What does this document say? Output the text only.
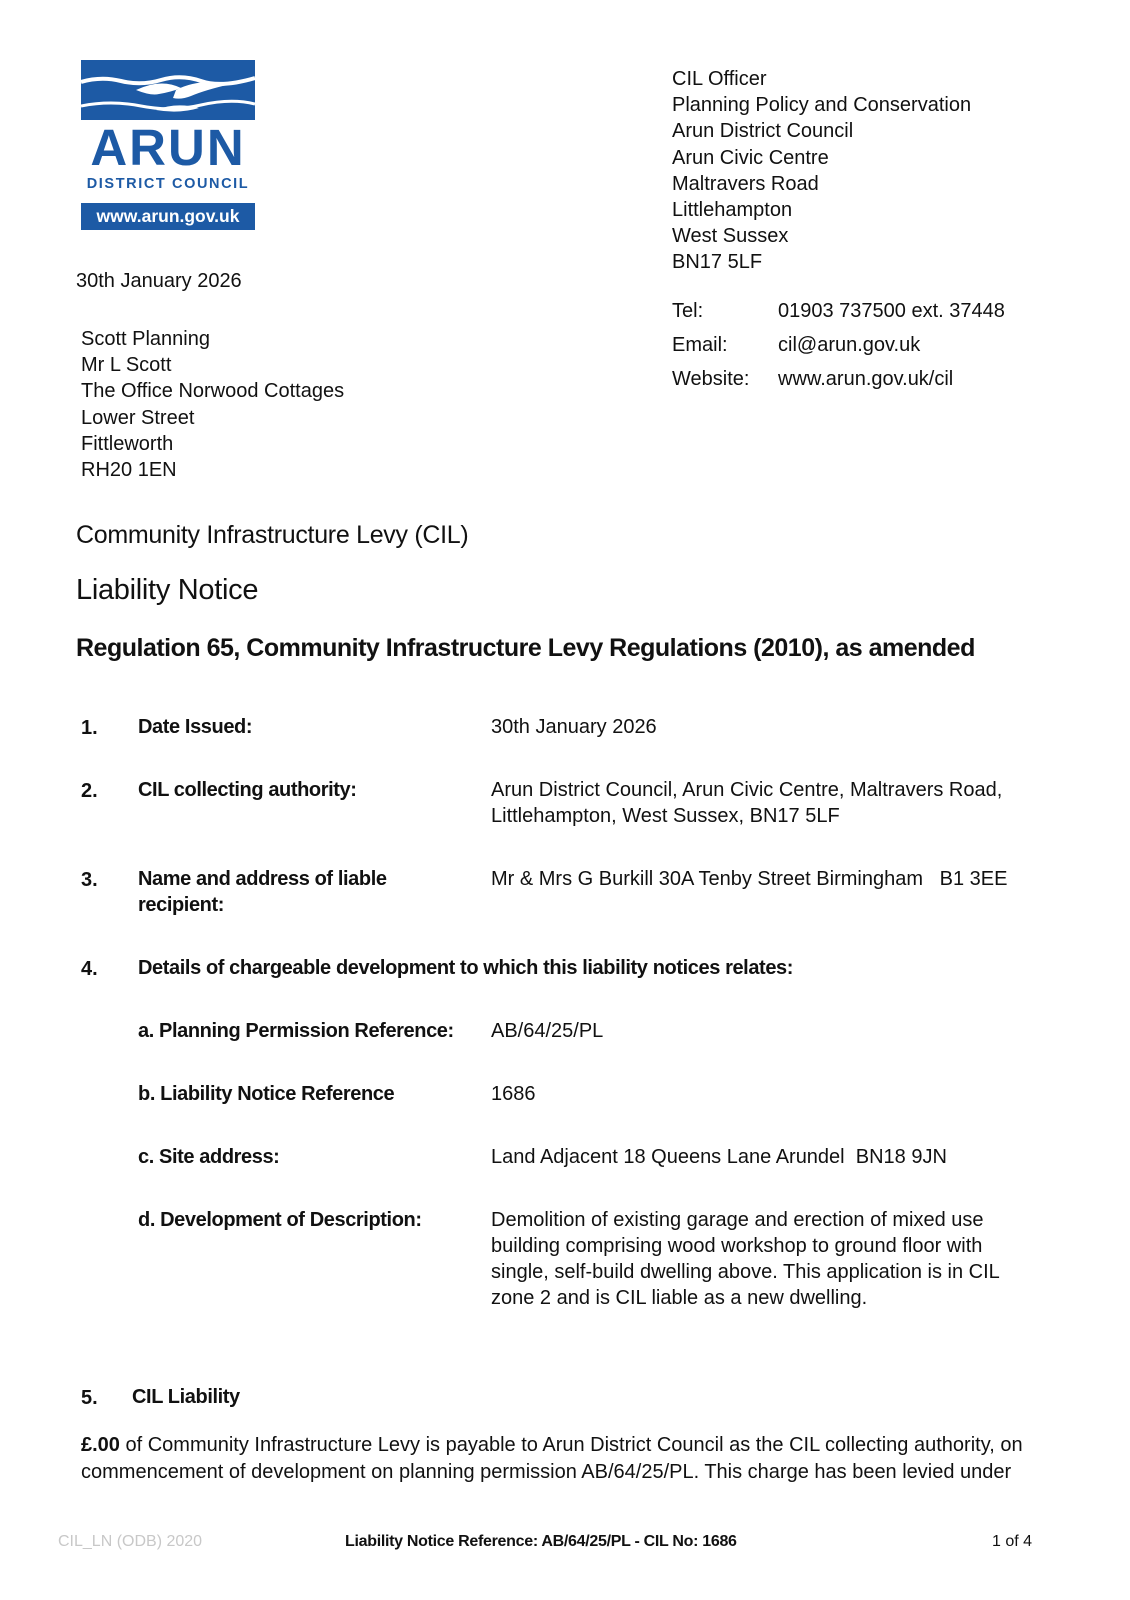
ARUN
DISTRICT COUNCIL
www.arun.gov.uk
CIL Officer
Planning Policy and Conservation
Arun District Council
Arun Civic Centre
Maltravers Road
Littlehampton
West Sussex
BN17 5LF
Tel:	01903 737500 ext. 37448
Email:	cil@arun.gov.uk
Website: www.arun.gov.uk/cil
30th January 2026
Scott Planning
Mr L Scott
The Office Norwood Cottages
Lower Street
Fittleworth
RH20 1EN
Community Infrastructure Levy (CIL)
Liability Notice
Regulation 65, Community Infrastructure Levy Regulations (2010), as amended
1. Date Issued:	30th January 2026
2. CIL collecting authority:	Arun District Council, Arun Civic Centre, Maltravers Road, Littlehampton, West Sussex, BN17 5LF
3. Name and address of liable recipient:
Mr & Mrs G Burkill 30A Tenby Street Birmingham   B1 3EE
4. Details of chargeable development to which this liability notices relates:
a. Planning Permission Reference:	AB/64/25/PL
b. Liability Notice Reference	1686
c. Site address:	Land Adjacent 18 Queens Lane Arundel  BN18 9JN
d. Development of Description:	Demolition of existing garage and erection of mixed use building comprising wood workshop to ground floor with single, self-build dwelling above. This application is in CIL zone 2 and is CIL liable as a new dwelling.
5. CIL Liability
£.00 of Community Infrastructure Levy is payable to Arun District Council as the CIL collecting authority, on commencement of development on planning permission AB/64/25/PL. This charge has been levied under
CIL_LN (ODB) 2020	Liability Notice Reference: AB/64/25/PL - CIL No: 1686	1 of 4
